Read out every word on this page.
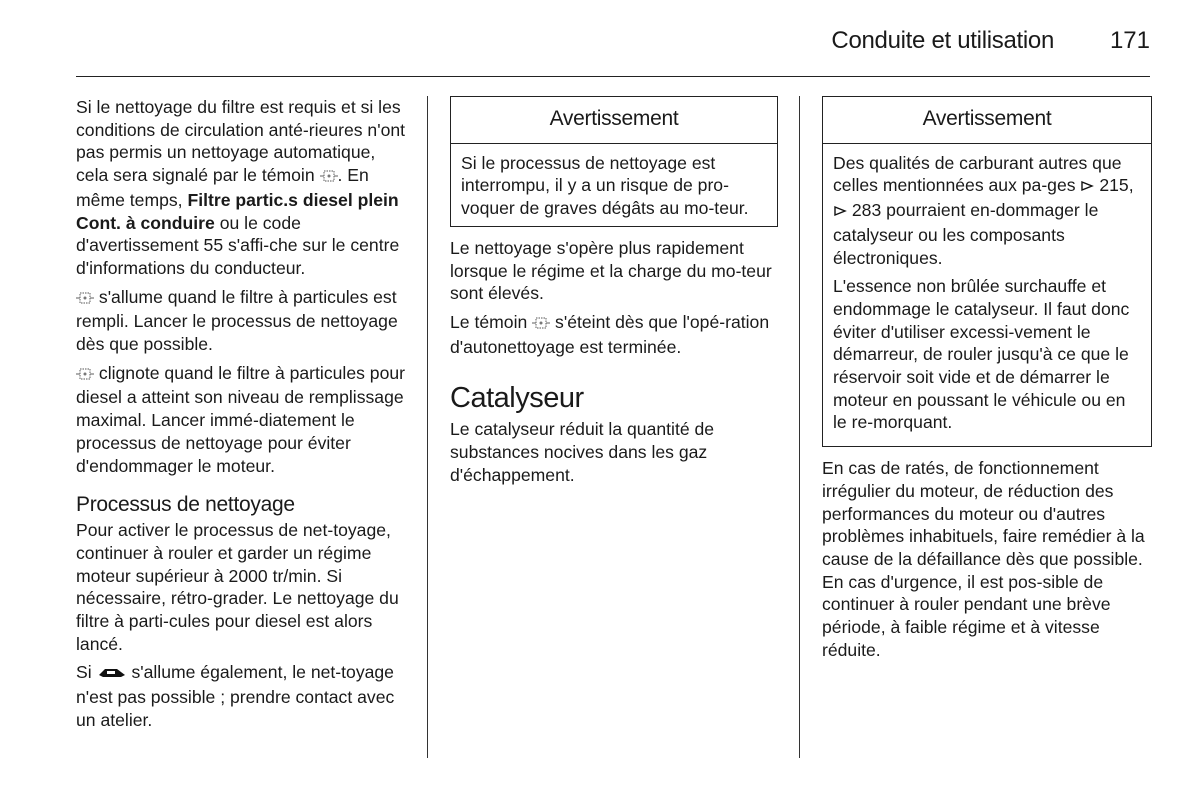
Conduite et utilisation 171

Si le nettoyage du filtre est requis et si les conditions de circulation anté-rieures n'ont pas permis un nettoyage automatique, cela sera signalé par le témoin . En même temps, Filtre partic.s diesel plein Cont. à conduire ou le code d'avertissement 55 s'affi-che sur le centre d'informations du conducteur.

s'allume quand le filtre à particules est rempli. Lancer le processus de nettoyage dès que possible.

clignote quand le filtre à particules pour diesel a atteint son niveau de remplissage maximal. Lancer immé-diatement le processus de nettoyage pour éviter d'endommager le moteur.

Processus de nettoyage

Pour activer le processus de net-toyage, continuer à rouler et garder un régime moteur supérieur à 2000 tr/min. Si nécessaire, rétro-grader. Le nettoyage du filtre à parti-cules pour diesel est alors lancé.

Si s'allume également, le net-toyage n'est pas possible ; prendre contact avec un atelier.

Avertissement
Si le processus de nettoyage est interrompu, il y a un risque de pro-voquer de graves dégâts au mo-teur.

Le nettoyage s'opère plus rapidement lorsque le régime et la charge du mo-teur sont élevés.

Le témoin s'éteint dès que l'opé-ration d'autonettoyage est terminée.

Catalyseur

Le catalyseur réduit la quantité de substances nocives dans les gaz d'échappement.

Avertissement

Des qualités de carburant autres que celles mentionnées aux pa-ges 215,  283 pourraient en-dommager le catalyseur ou les composants électroniques.

L'essence non brûlée surchauffe et endommage le catalyseur. Il faut donc éviter d'utiliser excessi-vement le démarreur, de rouler jusqu'à ce que le réservoir soit vide et de démarrer le moteur en poussant le véhicule ou en le re-morquant.

En cas de ratés, de fonctionnement irrégulier du moteur, de réduction des performances du moteur ou d'autres problèmes inhabituels, faire remédier à la cause de la défaillance dès que possible. En cas d'urgence, il est pos-sible de continuer à rouler pendant une brève période, à faible régime et à vitesse réduite.
